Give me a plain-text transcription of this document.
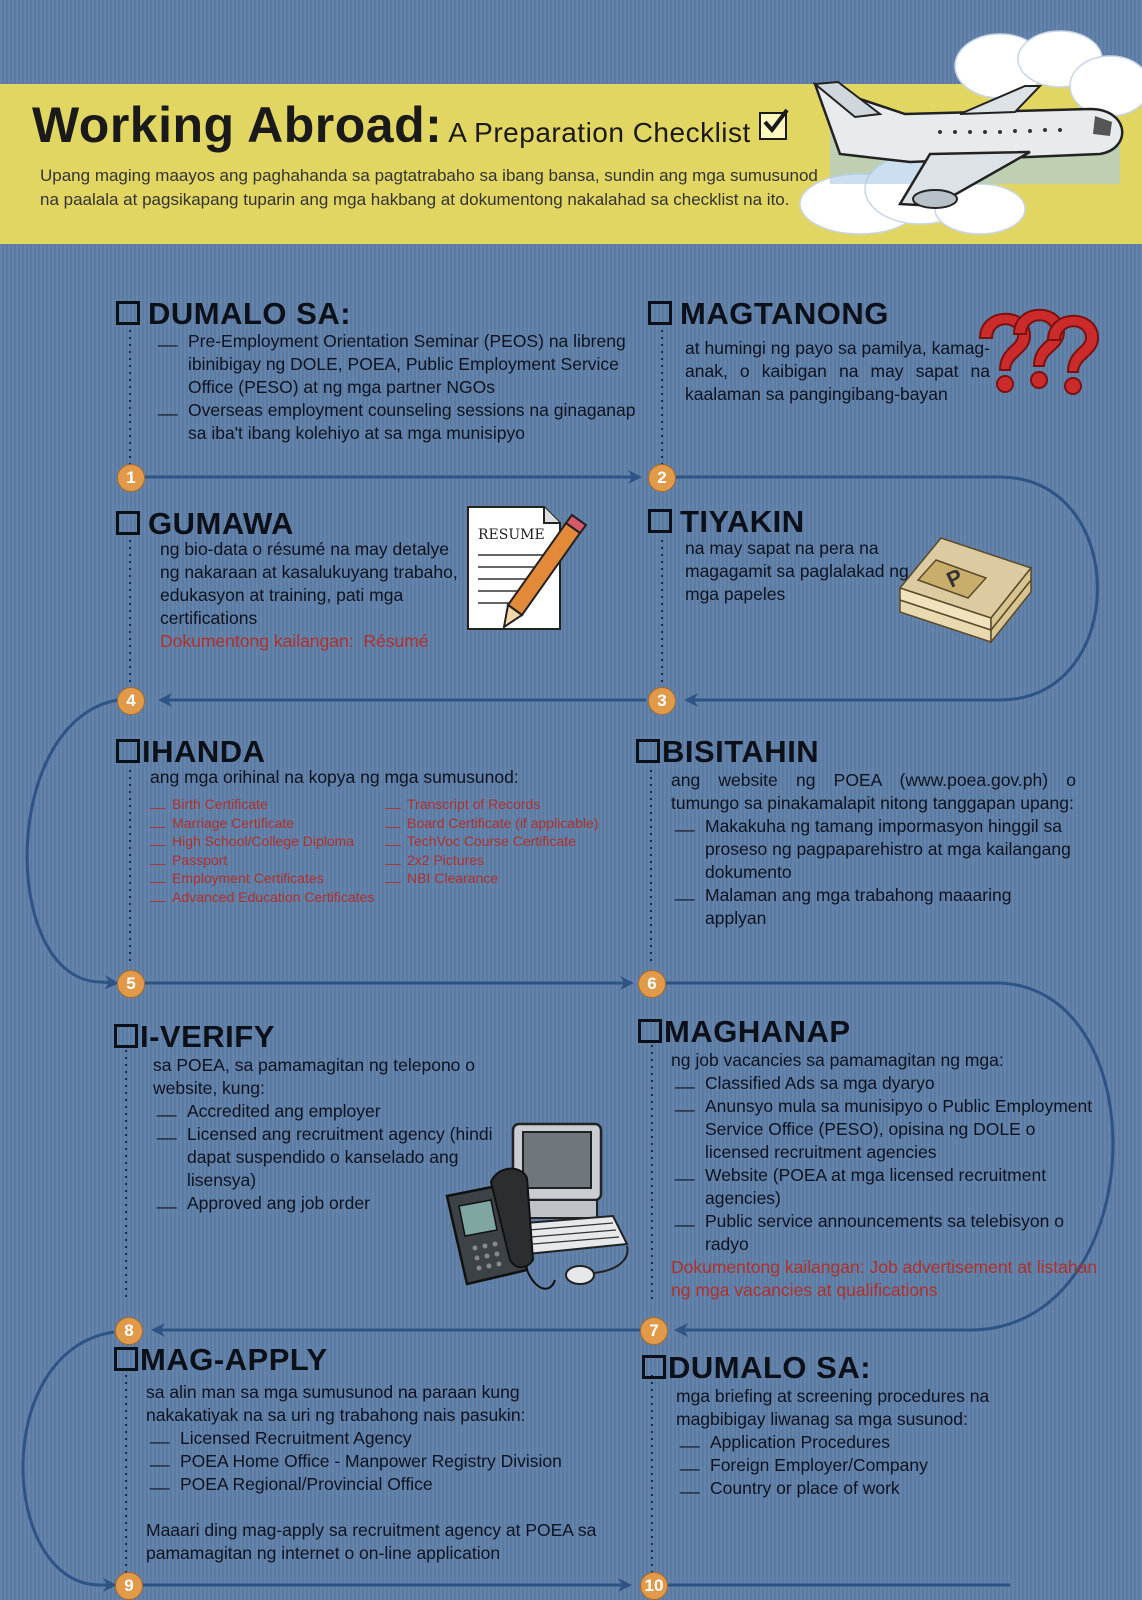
Working Abroad: A Preparation Checklist
Upang maging maayos ang paghahanda sa pagtatrabaho sa ibang bansa, sundin ang mga sumusunod na paalala at pagsikapang tuparin ang mga hakbang at dokumentong nakalahad sa checklist na ito.
1	2
3
4
5	6
7
8
9	10
DUMALO SA:
__ Pre-Employment Orientation Seminar (PEOS) na libreng ibinibigay ng DOLE, POEA, Public Employment Service Office (PESO) at ng mga partner NGOs
__ Overseas employment counseling sessions na ginaganap sa iba't ibang kolehiyo at sa mga munisipyo
MAGTANONG
at humingi ng payo sa pamilya, kamag-anak, o kaibigan na may sapat na kaalaman sa pangingibang-bayan
TIYAKIN
na may sapat na pera na magagamit sa paglalakad ng mga papeles
P
GUMAWA
ng bio-data o résumé na may detalye ng nakaraan at kasalukuyang trabaho, edukasyon at training, pati mga certifications
Dokumentong kailangan: Résumé
RESUME
IHANDA
ang mga orihinal na kopya ng mga sumusunod:
__ Birth Certificate
__ Marriage Certificate
__ High School/College Diploma
__ Passport
__ Employment Certificates
__ Advanced Education Certificates
__ Transcript of Records
__ Board Certificate (if applicable)
__ TechVoc Course Certificate
__ 2x2 Pictures
__ NBI Clearance
BISITAHIN
ang website ng POEA (www.poea.gov.ph) o tumungo sa pinakamalapit nitong tanggapan upang:
__ Makakuha ng tamang impormasyon hinggil sa proseso ng pagpaparehistro at mga kailangang dokumento
__ Malaman ang mga trabahong maaaring applyan
MAGHANAP
ng job vacancies sa pamamagitan ng mga:
__ Classified Ads sa mga dyaryo
__ Anunsyo mula sa munisipyo o Public Employment Service Office (PESO), opisina ng DOLE o licensed recruitment agencies
__ Website (POEA at mga licensed recruitment agencies)
__ Public service announcements sa telebisyon o radyo
Dokumentong kailangan: Job advertisement at listahan ng mga vacancies at qualifications
I-VERIFY
sa POEA, sa pamamagitan ng telepono o website, kung:
__ Accredited ang employer
__ Licensed ang recruitment agency (hindi dapat suspendido o kanselado ang lisensya)
__ Approved ang job order
MAG-APPLY
sa alin man sa mga sumusunod na paraan kung nakakatiyak na sa uri ng trabahong nais pasukin:
__ Licensed Recruitment Agency
__ POEA Home Office - Manpower Registry Division
__ POEA Regional/Provincial Office
Maaari ding mag-apply sa recruitment agency at POEA sa pamamagitan ng internet o on-line application
DUMALO SA:
mga briefing at screening procedures na magbibigay liwanag sa mga susunod:
__ Application Procedures
__ Foreign Employer/Company
__ Country or place of work
